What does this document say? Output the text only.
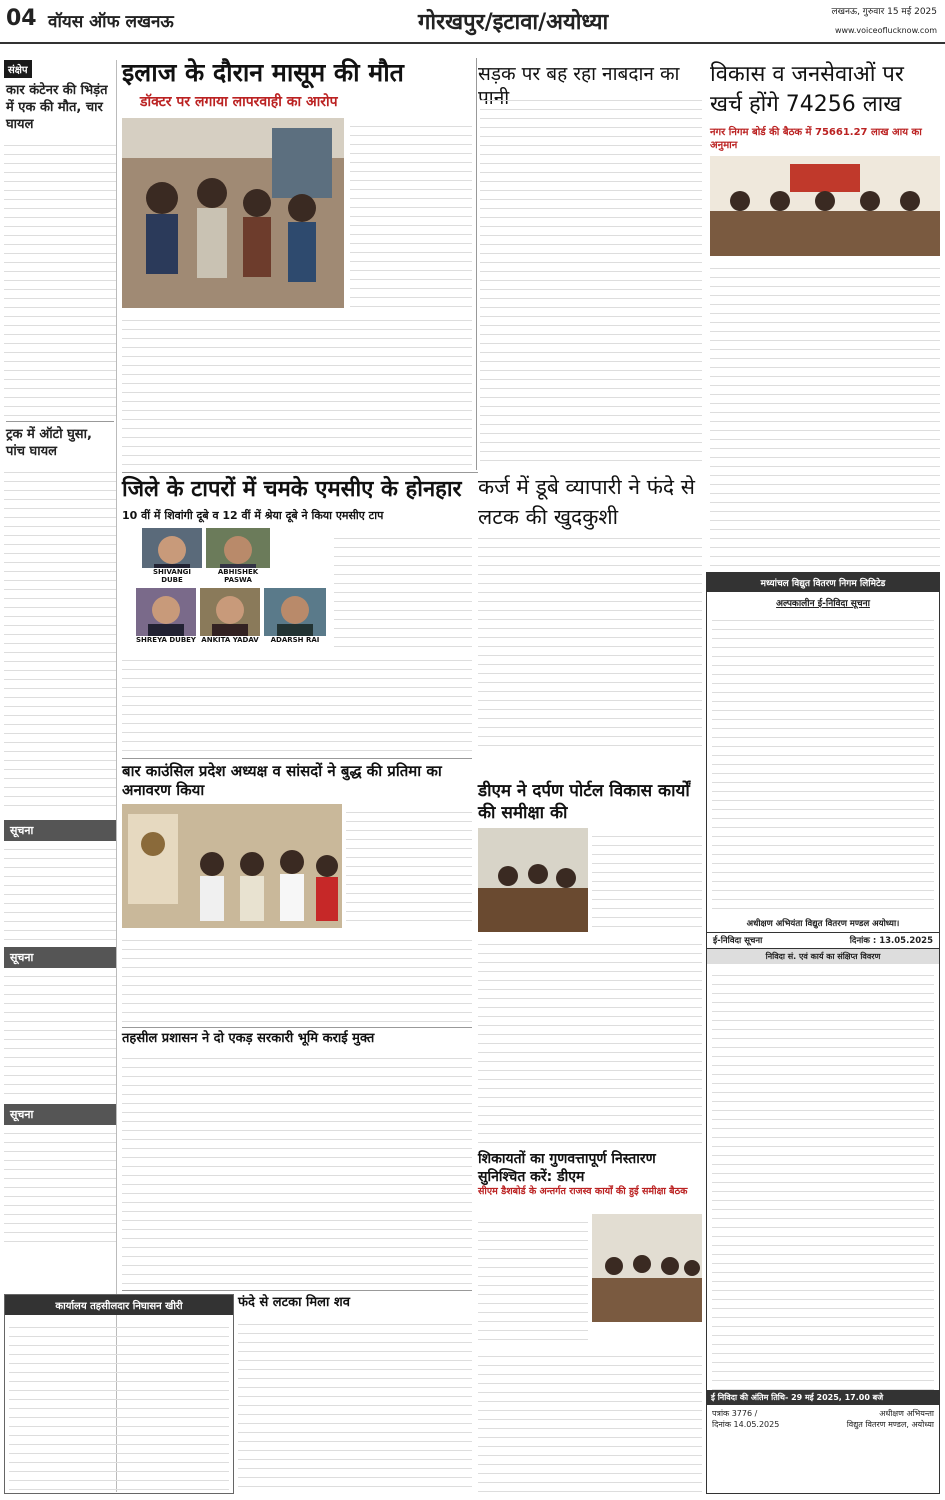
04 वॉयस ऑफ लखनऊ	गोरखपुर/इटावा/अयोध्या	लखनऊ, गुरुवार 15 मई 2025
www.voiceoflucknow.com
संक्षेप
कार कंटेनर की भिड़ंत में एक की मौत, चार घायल
ट्रक में ऑटो घुसा, पांच घायल
सूचना
सूचना
सूचना
इलाज के दौरान मासूम की मौत
डॉक्टर पर लगाया लापरवाही का आरोप
सड़क पर बह रहा नाबदान का पानी
विकास व जनसेवाओं पर खर्च होंगे 74256 लाख
नगर निगम बोर्ड की बैठक में 75661.27 लाख आय का अनुमान
जिले के टापरों में चमके एमसीए के होनहार
10 वीं में शिवांगी दूबे व 12 वीं में श्रेया दूबे ने किया एमसीए टाप
SHIVANGI DUBE
ABHISHEK PASWA
SHREYA DUBEY ANKITA YADAV	ADARSH RAI
कर्ज में डूबे व्यापारी ने फंदे से लटक की खुदकुशी
बार काउंसिल प्रदेश अध्यक्ष व सांसदों ने बुद्ध की प्रतिमा का अनावरण किया	डीएम ने दर्पण पोर्टल विकास कार्यों की समीक्षा की
तहसील प्रशासन ने दो एकड़ सरकारी भूमि कराई मुक्त
शिकायतों का गुणवत्तापूर्ण निस्तारण सुनिश्चित करें: डीएम
सीएम डैशबोर्ड के अन्तर्गत राजस्व कार्यों की हुई समीक्षा बैठक
फंदे से लटका मिला शव
कार्यालय तहसीलदार निघासन खीरी
मध्यांचल विद्युत वितरण निगम लिमिटेड
अल्पकालीन ई-निविदा सूचना
अधीक्षण अभियंता विद्युत वितरण मण्डल अयोध्या।
ई-निविदा सूचना	दिनांक : 13.05.2025
निविदा सं. एवं कार्य का संक्षिप्त विवरण
ई निविदा की अंतिम तिथि- 29 मई 2025, 17.00 बजे
पत्रांक 3776 /
दिनांक 14.05.2025
अधीक्षण अभियन्ता
विद्युत वितरण मण्डल, अयोध्या
